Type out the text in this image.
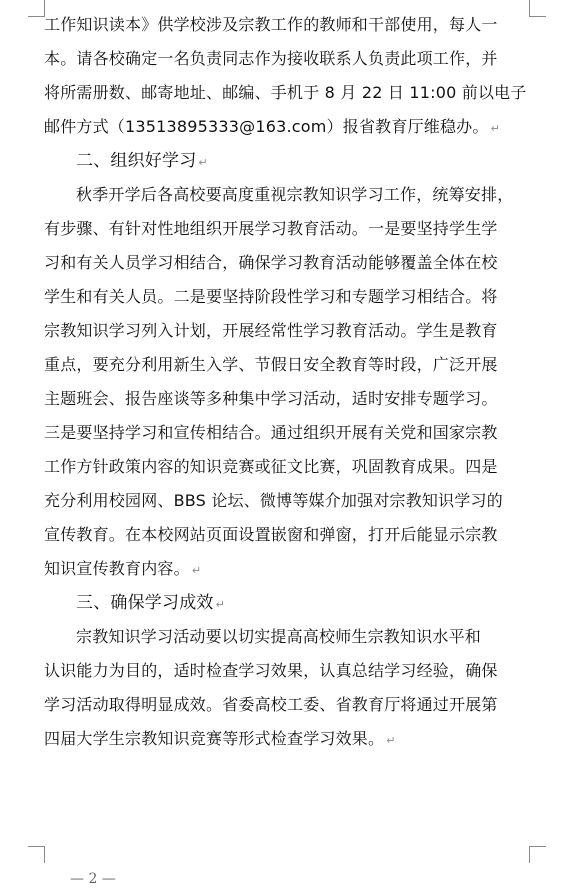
工作知识读本》供学校涉及宗教工作的教师和干部使用，每人一
本。请各校确定一名负责同志作为接收联系人负责此项工作，并
将所需册数、邮寄地址、邮编、手机于 8 月 22 日 11:00 前以电子
邮件方式（13513895333@163.com）报省教育厅维稳办。 ↵
二、组织好学习 ↵
秋季开学后各高校要高度重视宗教知识学习工作，统筹安排，
有步骤、有针对性地组织开展学习教育活动。一是要坚持学生学
习和有关人员学习相结合，确保学习教育活动能够覆盖全体在校
学生和有关人员。二是要坚持阶段性学习和专题学习相结合。将
宗教知识学习列入计划，开展经常性学习教育活动。学生是教育
重点，要充分利用新生入学、节假日安全教育等时段，广泛开展
主题班会、报告座谈等多种集中学习活动，适时安排专题学习。
三是要坚持学习和宣传相结合。通过组织开展有关党和国家宗教
工作方针政策内容的知识竞赛或征文比赛，巩固教育成果。四是
充分利用校园网、BBS 论坛、微博等媒介加强对宗教知识学习的
宣传教育。在本校网站页面设置嵌窗和弹窗，打开后能显示宗教
知识宣传教育内容。 ↵
三、确保学习成效 ↵
宗教知识学习活动要以切实提高高校师生宗教知识水平和
认识能力为目的，适时检查学习效果，认真总结学习经验，确保
学习活动取得明显成效。省委高校工委、省教育厅将通过开展第
四届大学生宗教知识竞赛等形式检查学习效果。 ↵
— 2 —
